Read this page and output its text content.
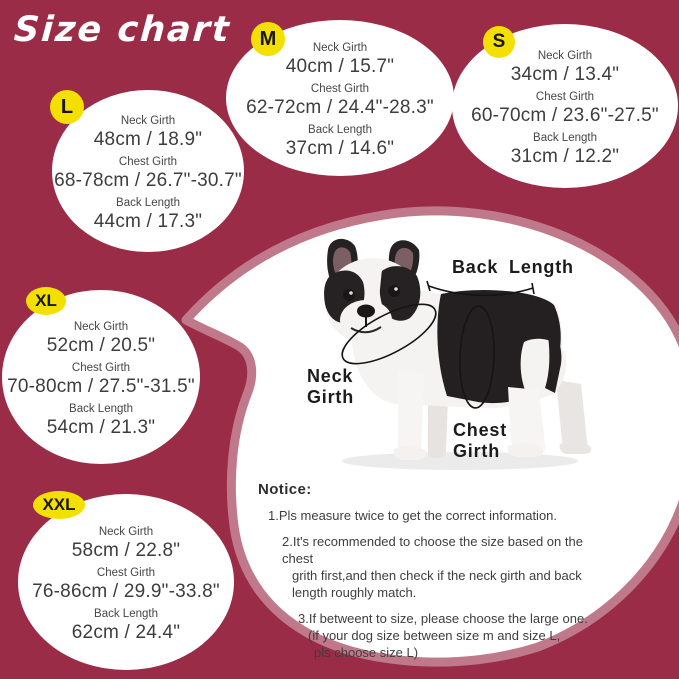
Size chart
Neck Girth
48cm / 18.9"
Chest Girth
68-78cm / 26.7"-30.7"
Back Length
44cm / 17.3"
L
Neck Girth
40cm / 15.7"
Chest Girth
62-72cm / 24.4"-28.3"
Back Length
37cm / 14.6"
M
Neck Girth
34cm / 13.4"
Chest Girth
60-70cm / 23.6"-27.5"
Back Length
31cm / 12.2"
S
Neck Girth
52cm / 20.5"
Chest Girth
70-80cm / 27.5"-31.5"
Back Length
54cm / 21.3"
XL
Neck Girth
58cm / 22.8"
Chest Girth
76-86cm / 29.9"-33.8"
Back Length
62cm / 24.4"
XXL
Back Length
Neck
Girth
Chest
Girth
Notice:
1.Pls measure twice to get the correct information.
2.It's recommended to choose the size based on the chest
grith first,and then check if the neck girth and back
length roughly match.
3.If betweent to size, please choose the large one.
(if your dog size between size m and size L,
pls choose size L)
